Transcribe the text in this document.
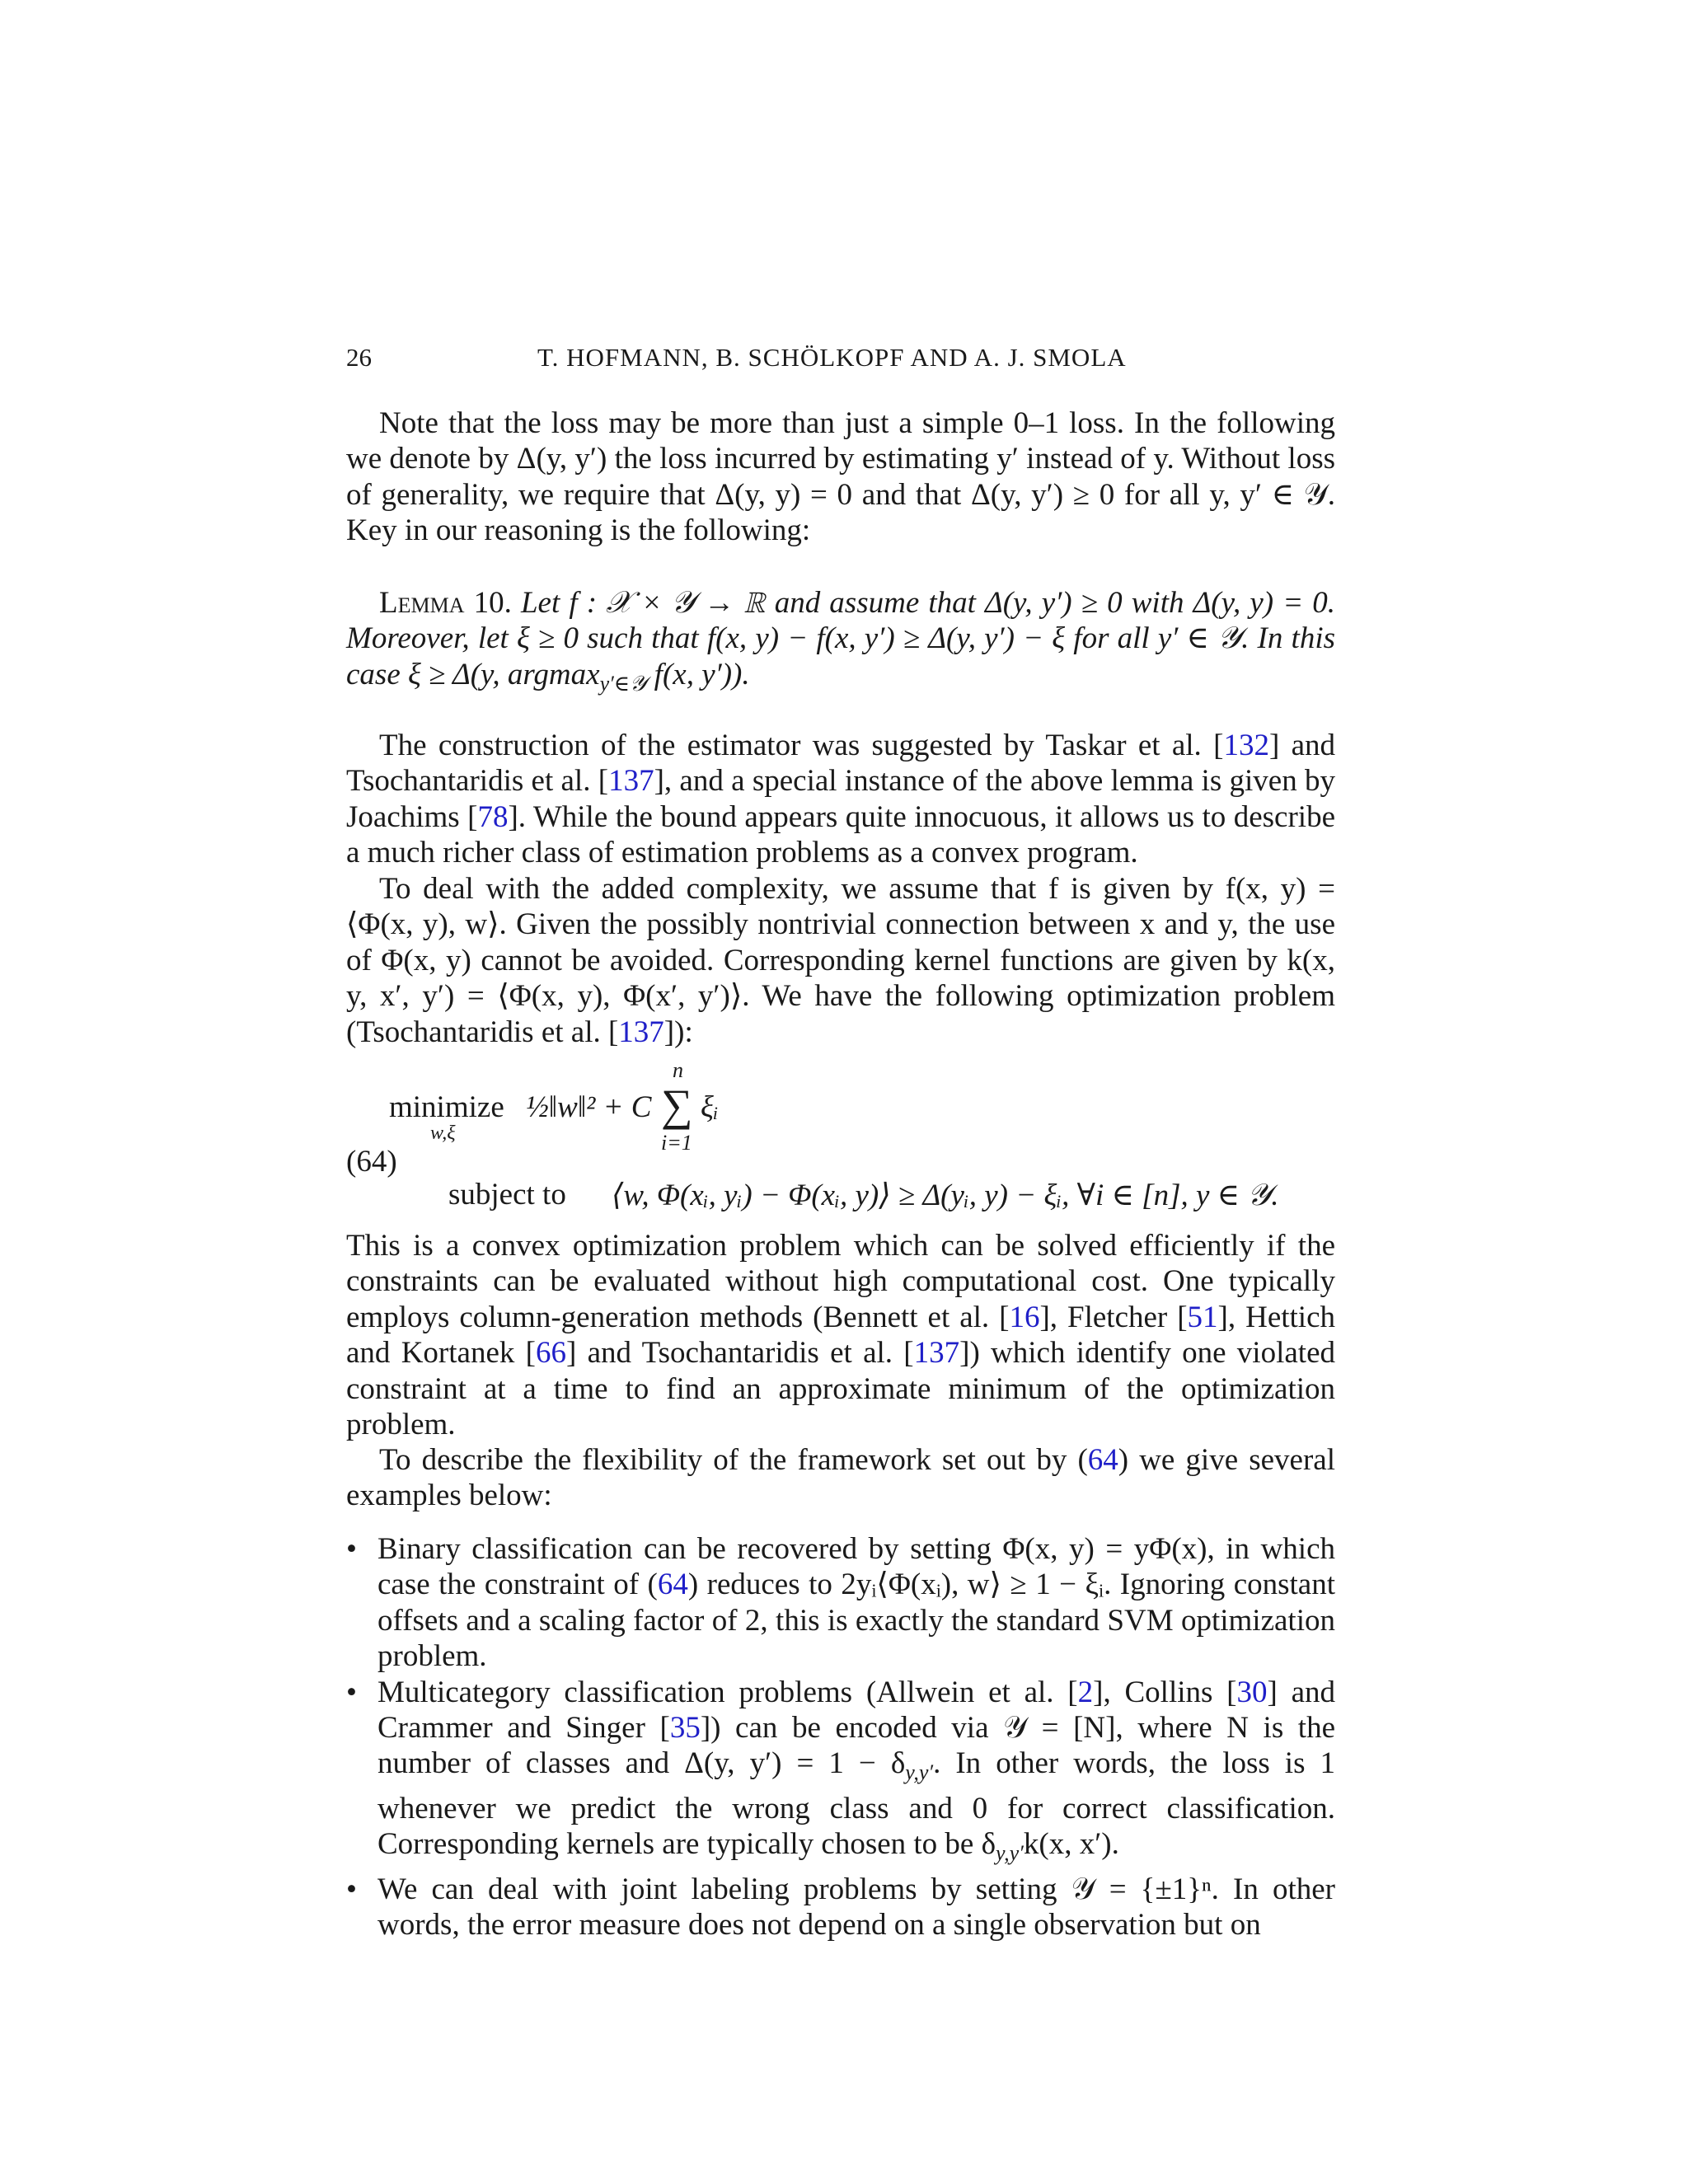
26	T. HOFMANN, B. SCHÖLKOPF AND A. J. SMOLA
Note that the loss may be more than just a simple 0–1 loss. In the following we denote by Δ(y, y′) the loss incurred by estimating y′ instead of y. Without loss of generality, we require that Δ(y, y) = 0 and that Δ(y, y′) ≥ 0 for all y, y′ ∈ 𝒴. Key in our reasoning is the following:
Lemma 10. Let f : 𝒳 × 𝒴 → ℝ and assume that Δ(y, y′) ≥ 0 with Δ(y, y) = 0. Moreover, let ξ ≥ 0 such that f(x, y) − f(x, y′) ≥ Δ(y, y′) − ξ for all y′ ∈ 𝒴. In this case ξ ≥ Δ(y, argmax$_{y'\in 𝒴}$ f(x, y′)).
The construction of the estimator was suggested by Taskar et al. [132] and Tsochantaridis et al. [137], and a special instance of the above lemma is given by Joachims [78]. While the bound appears quite innocuous, it allows us to describe a much richer class of estimation problems as a convex program.
To deal with the added complexity, we assume that f is given by f(x, y) = ⟨Φ(x, y), w⟩. Given the possibly nontrivial connection between x and y, the use of Φ(x, y) cannot be avoided. Corresponding kernel functions are given by k(x, y, x′, y′) = ⟨Φ(x, y), Φ(x′, y′)⟩. We have the following optimization problem (Tsochantaridis et al. [137]):
(64)
minimize
w,ξ
½‖w‖² + C
n
∑
i=1
ξᵢ
subject to ⟨w, Φ(xᵢ, yᵢ) − Φ(xᵢ, y)⟩ ≥ Δ(yᵢ, y) − ξᵢ, ∀i ∈ [n], y ∈ 𝒴.
This is a convex optimization problem which can be solved efficiently if the constraints can be evaluated without high computational cost. One typically employs column-generation methods (Bennett et al. [16], Fletcher [51], Hettich and Kortanek [66] and Tsochantaridis et al. [137]) which identify one violated constraint at a time to find an approximate minimum of the optimization problem.
To describe the flexibility of the framework set out by (64) we give several examples below:
• Binary classification can be recovered by setting Φ(x, y) = yΦ(x), in which case the constraint of (64) reduces to 2yᵢ⟨Φ(xᵢ), w⟩ ≥ 1 − ξᵢ. Ignoring constant offsets and a scaling factor of 2, this is exactly the standard SVM optimization problem.
• Multicategory classification problems (Allwein et al. [2], Collins [30] and Crammer and Singer [35]) can be encoded via 𝒴 = [N], where N is the number of classes and Δ(y, $y') = 1 - \delta_{y,y'}$. In other words, the loss is 1 whenever we predict the wrong class and 0 for correct classification. Corresponding kernels are typically chosen to be $\delta_{y,y'}k(x$, x′).
• We can deal with joint labeling problems by setting 𝒴 = {±1}ⁿ. In other words, the error measure does not depend on a single observation but on
